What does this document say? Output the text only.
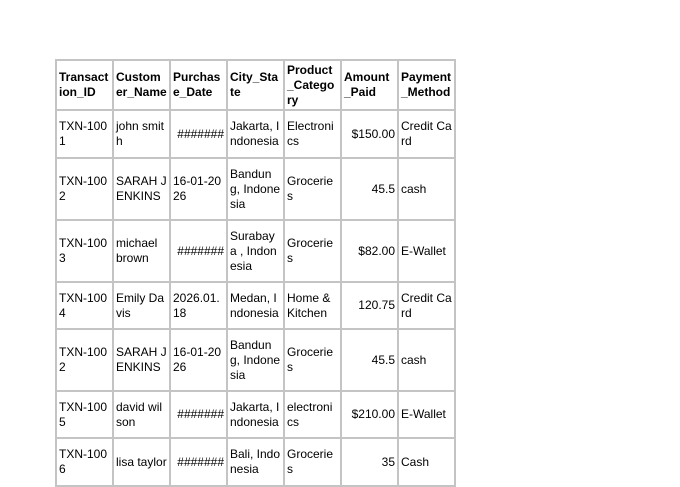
Transaction_ID	Customer_Name	Purchase_Date	City_State	Product_Category	Amount_Paid	Payment_Method
TXN-1001	john smith	#######	Jakarta, Indonesia	Electronics	$150.00	Credit Card
TXN-1002	SARAH JENKINS	16-01-2026	Bandung, Indonesia	Groceries	45.5	cash
TXN-1003	michael brown	#######	Surabaya , Indonesia	Groceries	$82.00	E-Wallet
TXN-1004	Emily Davis	2026.01.18	Medan, Indonesia	Home & Kitchen	120.75	Credit Card
TXN-1002	SARAH JENKINS	16-01-2026	Bandung, Indonesia	Groceries	45.5	cash
TXN-1005	david wilson	#######	Jakarta, Indonesia	electronics	$210.00	E-Wallet
TXN-1006	lisa taylor	#######	Bali, Indonesia	Groceries	35	Cash
